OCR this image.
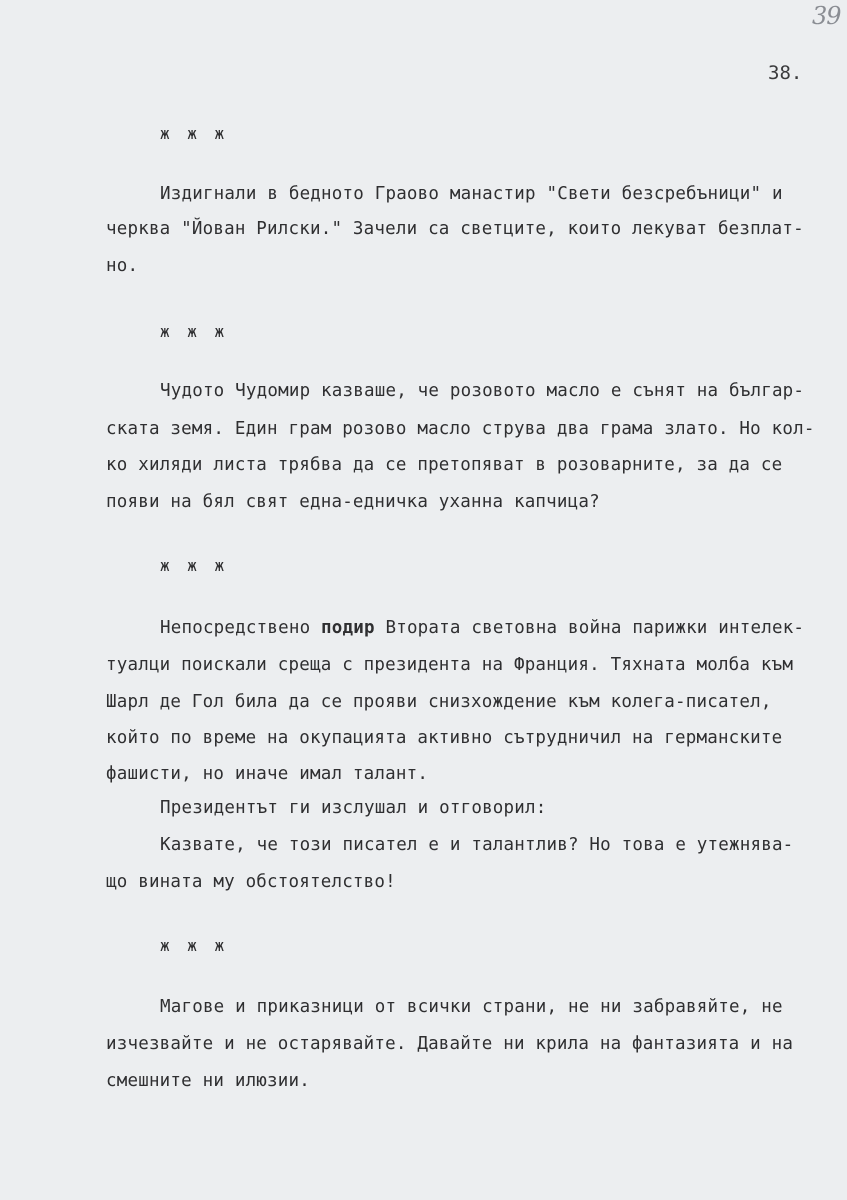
39
38.
ж ж ж
Издигнали в бедното Граово манастир "Свети безсребъници" и
черква "Йован Рилски." Зачели са светците, които лекуват безплат-
но.
ж ж ж
Чудото Чудомир казваше, че розовото масло е сънят на българ-
ската земя. Един грам розово масло струва два грама злато. Но кол-
ко хиляди листа трябва да се претопяват в розоварните, за да се
появи на бял свят една-едничка уханна капчица?
ж ж ж
Непосредствено подир Втората световна война парижки интелек-
туалци поискали среща с президента на Франция. Тяхната молба към
Шарл де Гол била да се прояви снизхождение към колега-писател,
който по време на окупацията активно сътрудничил на германските
фашисти, но иначе имал талант.
Президентът ги изслушал и отговорил:
Казвате, че този писател е и талантлив? Но това е утежнява-
що вината му обстоятелство!
ж ж ж
Магове и приказници от всички страни, не ни забравяйте, не
изчезвайте и не остарявайте. Давайте ни крила на фантазията и на
смешните ни илюзии.
